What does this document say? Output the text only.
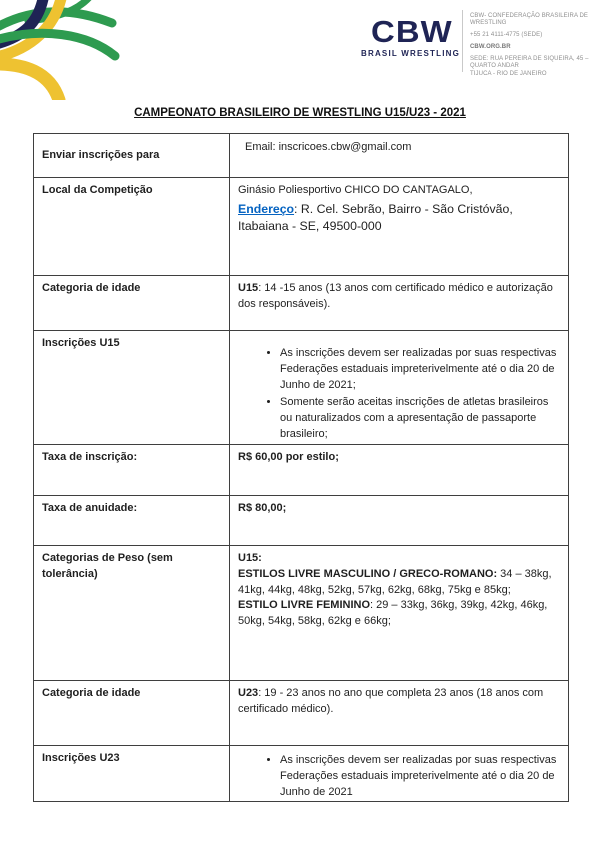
CBW
BRASIL WRESTLING
CBW- CONFEDERAÇÃO BRASILEIRA DE WRESTLING
+55 21 4111-4775 (SEDE)
CBW.ORG.BR
SEDE: RUA PEREIRA DE SIQUEIRA, 45 – QUARTO ANDAR
TIJUCA - RIO DE JANEIRO
CAMPEONATO BRASILEIRO DE WRESTLING U15/U23 - 2021
Enviar inscrições para	Email: inscricoes.cbw@gmail.com
Local da Competição	Ginásio Poliesportivo CHICO DO CANTAGALO,
Endereço: R. Cel. Sebrão, Bairro - São Cristóvão, Itabaiana - SE, 49500-000

Categoria de idade	U15: 14 -15 anos (13 anos com certificado médico e autorização dos responsáveis).
Inscrições U15	
• As inscrições devem ser realizadas por suas respectivas Federações estaduais impreterivelmente até o dia 20 de Junho de 2021;
• Somente serão aceitas inscrições de atletas brasileiros ou naturalizados com a apresentação de passaporte brasileiro;

Taxa de inscrição:	R$ 60,00 por estilo;
Taxa de anuidade:	R$ 80,00;
Categorias de Peso (sem tolerância)	U15:
ESTILOS LIVRE MASCULINO / GRECO-ROMANO: 34 – 38kg, 41kg, 44kg, 48kg, 52kg, 57kg, 62kg, 68kg, 75kg e 85kg;
ESTILO LIVRE FEMININO: 29 – 33kg, 36kg, 39kg, 42kg, 46kg, 50kg, 54kg, 58kg, 62kg e 66kg;

Categoria de idade	U23: 19 - 23 anos no ano que completa 23 anos (18 anos com certificado médico).
Inscrições U23	
•As inscrições devem ser realizadas por suas respectivas Federações estaduais impreterivelmente até o dia 20 de Junho de 2021
